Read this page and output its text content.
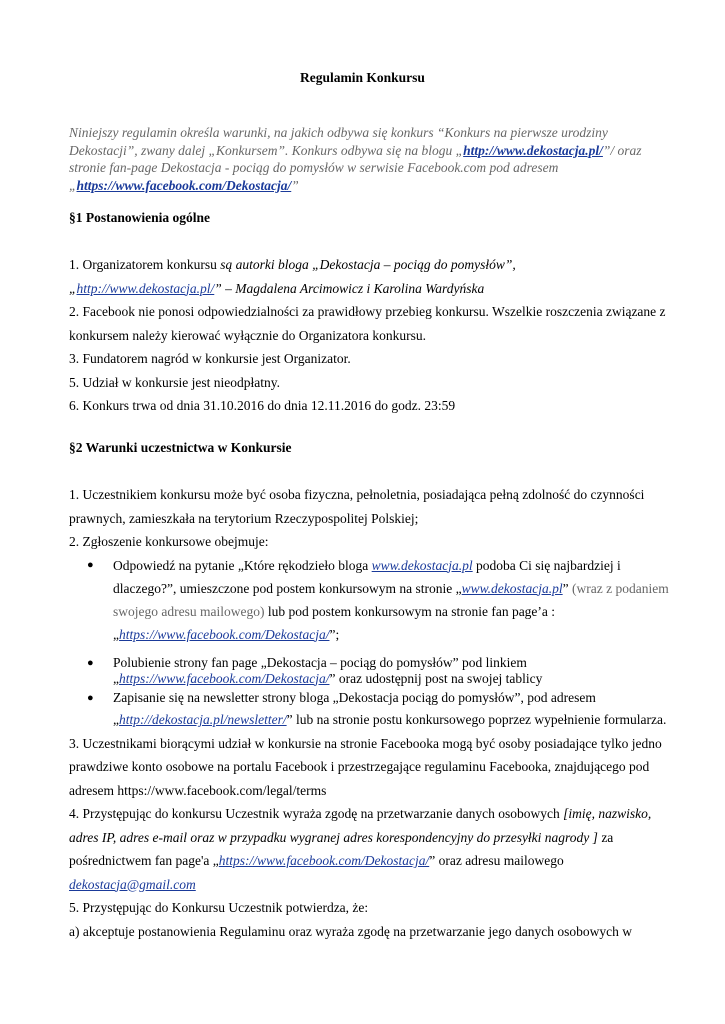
Regulamin Konkursu
Niniejszy regulamin określa warunki, na jakich odbywa się konkurs “Konkurs na pierwsze urodziny Dekostacji”, zwany dalej „Konkursem”. Konkurs odbywa się na blogu „http://www.dekostacja.pl/”/ oraz stronie fan-page Dekostacja - pociąg do pomysłów w serwisie Facebook.com pod adresem „https://www.facebook.com/Dekostacja/”
§1 Postanowienia ogólne
1. Organizatorem konkursu są autorki bloga „Dekostacja – pociąg do pomysłów”,
„http://www.dekostacja.pl/” – Magdalena Arcimowicz i Karolina Wardyńska
2. Facebook nie ponosi odpowiedzialności za prawidłowy przebieg konkursu. Wszelkie roszczenia związane z konkursem należy kierować wyłącznie do Organizatora konkursu.
3. Fundatorem nagród w konkursie jest Organizator.
5. Udział w konkursie jest nieodpłatny.
6. Konkurs trwa od dnia 31.10.2016 do dnia 12.11.2016 do godz. 23:59
§2 Warunki uczestnictwa w Konkursie
1. Uczestnikiem konkursu może być osoba fizyczna, pełnoletnia, posiadająca pełną zdolność do czynności prawnych, zamieszkała na terytorium Rzeczypospolitej Polskiej;
2. Zgłoszenie konkursowe obejmuje:
● Odpowiedź na pytanie „Które rękodzieło bloga www.dekostacja.pl podoba Ci się najbardziej i dlaczego?”, umieszczone pod postem konkursowym na stronie „www.dekostacja.pl” (wraz z podaniem swojego adresu mailowego) lub pod postem konkursowym na stronie fan page’a : „https://www.facebook.com/Dekostacja/”;
● Polubienie strony fan page „Dekostacja – pociąg do pomysłów” pod linkiem
„https://www.facebook.com/Dekostacja/” oraz udostępnij post na swojej tablicy
● Zapisanie się na newsletter strony bloga „Dekostacja pociąg do pomysłów”, pod adresem „http://dekostacja.pl/newsletter/” lub na stronie postu konkursowego poprzez wypełnienie formularza.
3. Uczestnikami biorącymi udział w konkursie na stronie Facebooka mogą być osoby posiadające tylko jedno prawdziwe konto osobowe na portalu Facebook i przestrzegające regulaminu Facebooka, znajdującego pod adresem https://www.facebook.com/legal/terms
4. Przystępując do konkursu Uczestnik wyraża zgodę na przetwarzanie danych osobowych [imię, nazwisko, adres IP, adres e-mail oraz w przypadku wygranej adres korespondencyjny do przesyłki nagrody ] za pośrednictwem fan page'a „https://www.facebook.com/Dekostacja/” oraz adresu mailowego dekostacja@gmail.com
5. Przystępując do Konkursu Uczestnik potwierdza, że:
a) akceptuje postanowienia Regulaminu oraz wyraża zgodę na przetwarzanie jego danych osobowych w
